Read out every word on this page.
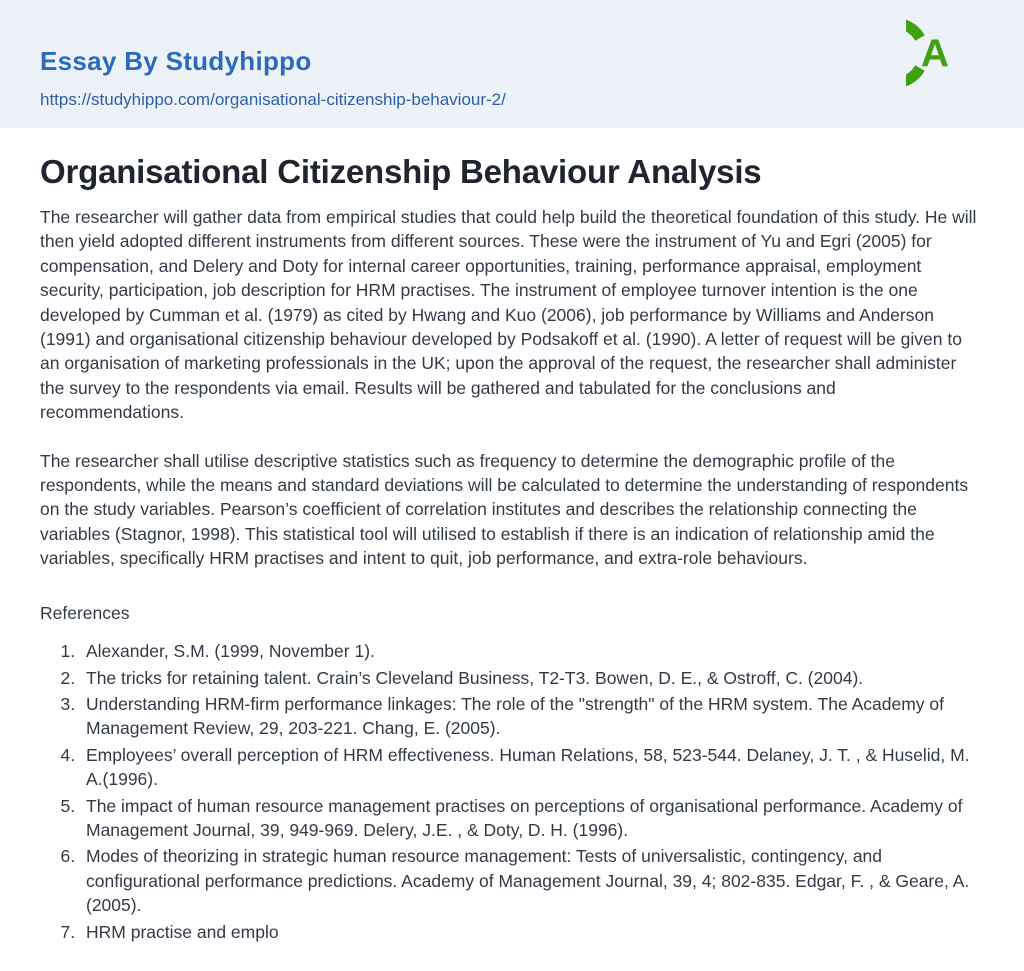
Essay By Studyhippo

https://studyhippo.com/organisational-citizenship-behaviour-2/

A
Organisational Citizenship Behaviour Analysis

The researcher will gather data from empirical studies that could help build the theoretical foundation of this study. He will then yield adopted different instruments from different sources. These were the instrument of Yu and Egri (2005) for compensation, and Delery and Doty for internal career opportunities, training, performance appraisal, employment security, participation, job description for HRM practises. The instrument of employee turnover intention is the one developed by Cumman et al. (1979) as cited by Hwang and Kuo (2006), job performance by Williams and Anderson (1991) and organisational citizenship behaviour developed by Podsakoff et al. (1990). A letter of request will be given to an organisation of marketing professionals in the UK; upon the approval of the request, the researcher shall administer the survey to the respondents via email. Results will be gathered and tabulated for the conclusions and recommendations.

The researcher shall utilise descriptive statistics such as frequency to determine the demographic profile of the respondents, while the means and standard deviations will be calculated to determine the understanding of respondents on the study variables. Pearson’s coefficient of correlation institutes and describes the relationship connecting the variables (Stagnor, 1998). This statistical tool will utilised to establish if there is an indication of relationship amid the variables, specifically HRM practises and intent to quit, job performance, and extra-role behaviours.

References

1. Alexander, S.M. (1999, November 1).
2. The tricks for retaining talent. Crain’s Cleveland Business, T2-T3. Bowen, D. E., & Ostroff, C. (2004).
3. Understanding HRM-firm performance linkages: The role of the "strength" of the HRM system. The Academy of Management Review, 29, 203-221. Chang, E. (2005).
4. Employees’ overall perception of HRM effectiveness. Human Relations, 58, 523-544. Delaney, J. T. , & Huselid, M. A.(1996).
5. The impact of human resource management practises on perceptions of organisational performance. Academy of Management Journal, 39, 949-969. Delery, J.E. , & Doty, D. H. (1996).
6. Modes of theorizing in strategic human resource management: Tests of universalistic, contingency, and configurational performance predictions. Academy of Management Journal, 39, 4; 802-835. Edgar, F. , & Geare, A. (2005).
7. HRM practise and emplo
